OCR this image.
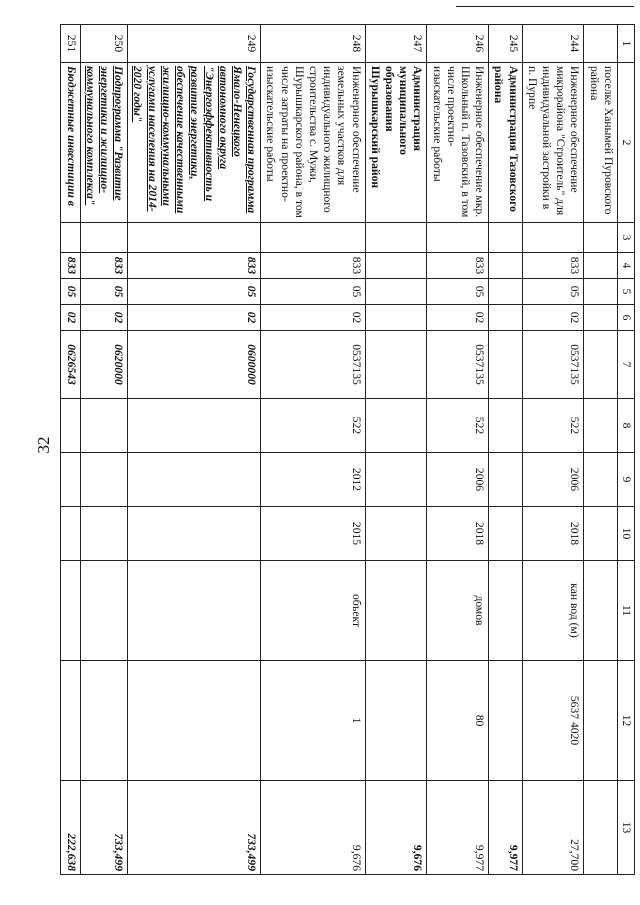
32
1	2	3	4	5	6	7	8	9	10	11	12	13
	поселке Ханымей Пуровского района											
244	Инженерное обеспечение микрорайона "Строитель" для индивидуальной застройки в п. Пурпе		833	05	02	0537135	522	2006	2018	кан вод (м)	5637 4020	27,700
245	Администрация Тазовского района											9,977
246	Инженерное обеспечение мкр. Школьный п. Тазовский, в том числе проектно-изыскательские работы		833	05	02	0537135	522	2006	2018	домов	80	9,977
247	Администрация муниципального образования Шурышкарский район											9,676
248	Инженерное обеспечение земельных участков для индивидуального жилищного строительства с. Мужи, Шурышкарского района, в том числе затраты на проектно-изыскательские работы		833	05	02	0537135	522	2012	2015	объект	1	9,676
249	Государственная программа Ямало-Ненецкого автономного округа "Энергоэффективность и развитие энергетики, обеспечение качественными жилищно-коммунальными услугами населения на 2014-2020 годы"		833	05	02	0600000						733,499
250	Подпрограмма "Развитие энергетики и жилищно-коммунального комплекса"		833	05	02	0620000						733,499
251	Бюджетные инвестиции в		833	05	02	0626543						222,638
